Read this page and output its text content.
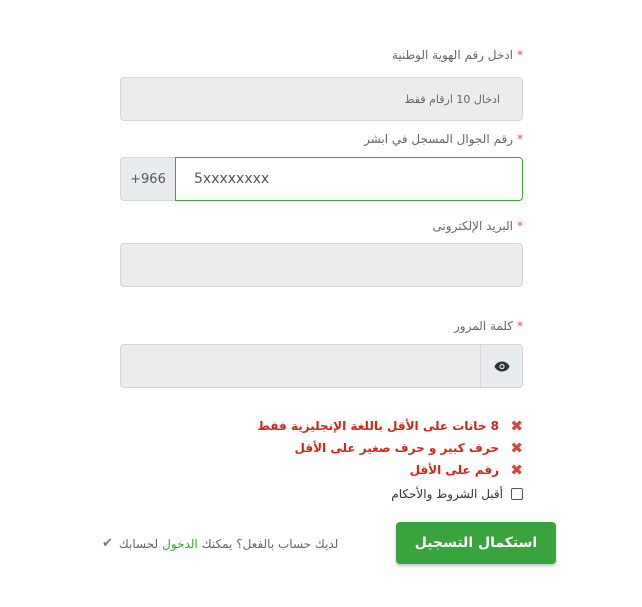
*ادخل رقم الهوية الوطنية
ادخال 10 ارقام فقط
*رقم الجوال المسجل في ابشر
+966
5xxxxxxxx
*البريد الإلكترونى
*كلمة المرور
✖
8 خانات على الأقل باللغة الإنجليزية فقط
✖
حرف كبير و حرف صغير على الأقل
✖
رقم على الأقل
أقبل الشروط والأحكام
استكمال التسجيل
لديك حساب بالفعل؟ يمكنك
الدخول
لحسابك
✔
